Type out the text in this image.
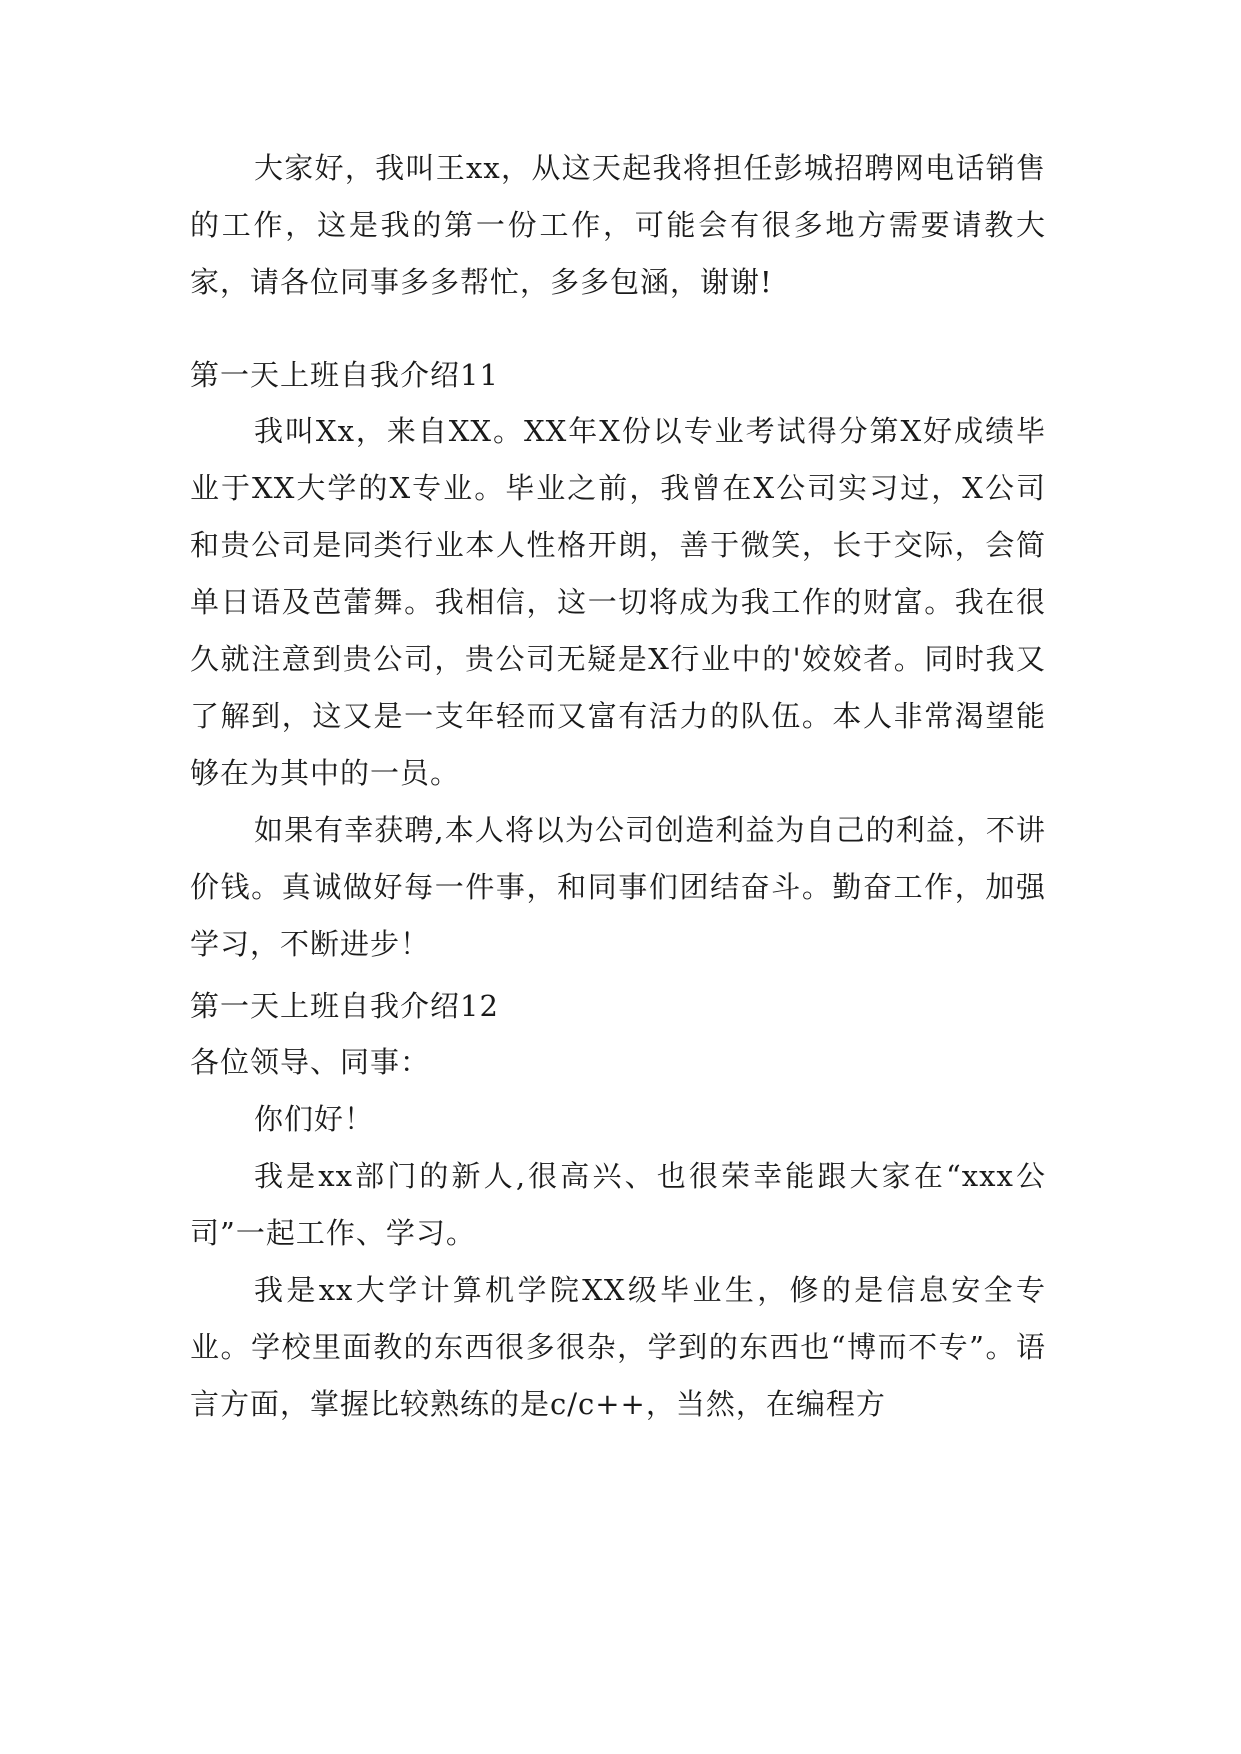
大家好，我叫王xx，从这天起我将担任彭城招聘网电话销售的工作，这是我的第一份工作，可能会有很多地方需要请教大家，请各位同事多多帮忙，多多包涵，谢谢!

第一天上班自我介绍11

我叫Xx，来自XX。XX年X份以专业考试得分第X好成绩毕业于XX大学的X专业。毕业之前，我曾在X公司实习过，X公司和贵公司是同类行业本人性格开朗，善于微笑，长于交际，会简单日语及芭蕾舞。我相信，这一切将成为我工作的财富。我在很久就注意到贵公司，贵公司无疑是X行业中的'姣姣者。同时我又了解到，这又是一支年轻而又富有活力的队伍。本人非常渴望能够在为其中的一员。

如果有幸获聘,本人将以为公司创造利益为自己的利益，不讲价钱。真诚做好每一件事，和同事们团结奋斗。勤奋工作，加强学习，不断进步！

第一天上班自我介绍12

各位领导、同事：

你们好！

我是xx部门的新人,很高兴、也很荣幸能跟大家在“xxx公司”一起工作、学习。

我是xx大学计算机学院XX级毕业生，修的是信息安全专业。学校里面教的东西很多很杂，学到的东西也“博而不专”。语言方面，掌握比较熟练的是c/c++，当然，在编程方
